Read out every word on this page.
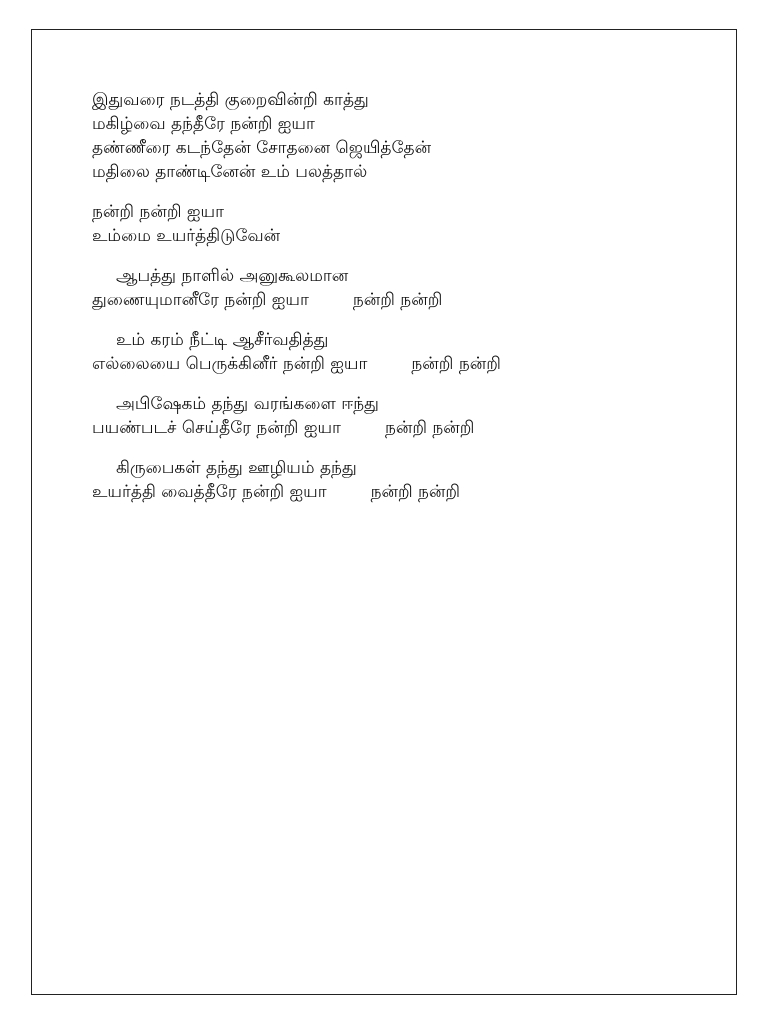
இதுவரை நடத்தி குறைவின்றி காத்து
மகிழ்வை தந்தீரே நன்றி ஐயா
தண்ணீரை கடந்தேன் சோதனை ஜெயித்தேன்
மதிலை தாண்டினேன் உம் பலத்தால்
நன்றி நன்றி ஐயா
உம்மை உயர்த்திடுவேன்
ஆபத்து நாளில் அனுகூலமான
துணையுமானீரே நன்றி ஐயா	நன்றி நன்றி
உம் கரம் நீட்டி ஆசீர்வதித்து
எல்லையை பெருக்கினீர் நன்றி ஐயா	நன்றி நன்றி
அபிஷேகம் தந்து வரங்களை ஈந்து
பயண்படச் செய்தீரே நன்றி ஐயா	நன்றி நன்றி
கிருபைகள் தந்து ஊழியம் தந்து
உயர்த்தி வைத்தீரே நன்றி ஐயா	நன்றி நன்றி
